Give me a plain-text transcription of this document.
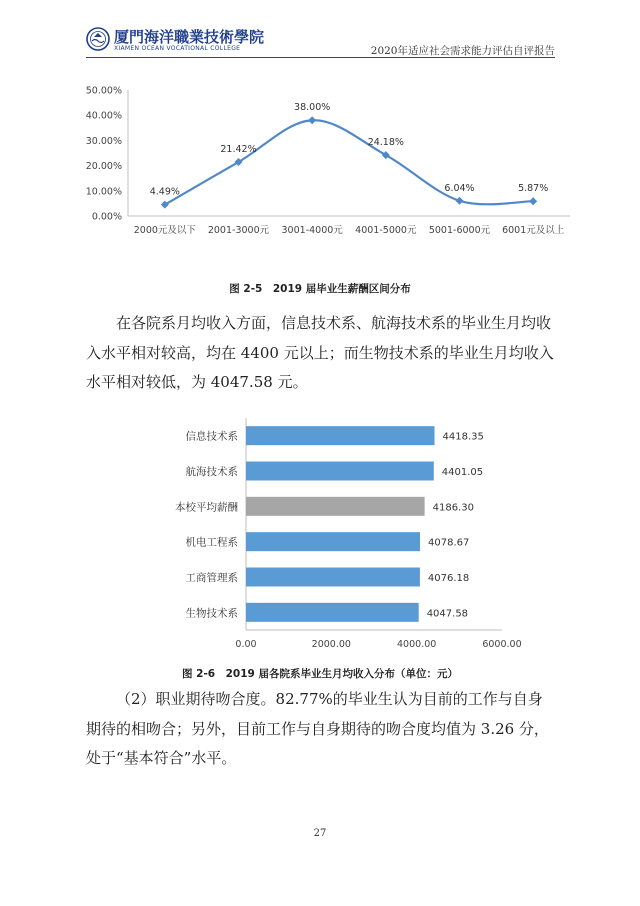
厦門海洋職業技術學院
XIAMEN OCEAN VOCATIONAL COLLEGE	2020年适应社会需求能力评估自评报告
0.00%
10.00%
20.00%
30.00%
40.00%
50.00%
2000元及以下 2001-3000元 3001-4000元 4001-5000元 5001-6000元 6001元及以上
4.49%
21.42%
38.00%
24.18%
6.04%	5.87%
图 2-5　2019 届毕业生薪酬区间分布

在各院系月均收入方面，信息技术系、航海技术系的毕业生月均收入水平相对较高，均在 4400 元以上；而生物技术系的毕业生月均收入水平相对较低，为 4047.58 元。

信息技术系	4418.35
航海技术系	4401.05
本校平均薪酬	4186.30
机电工程系	4078.67
工商管理系	4076.18
生物技术系	4047.58
0.00	2000.00	4000.00	6000.00
图 2-6　2019 届各院系毕业生月均收入分布（单位：元）

（2）职业期待吻合度。82.77%的毕业生认为目前的工作与自身期待的相吻合；另外，目前工作与自身期待的吻合度均值为 3.26 分，处于“基本符合”水平。

27
